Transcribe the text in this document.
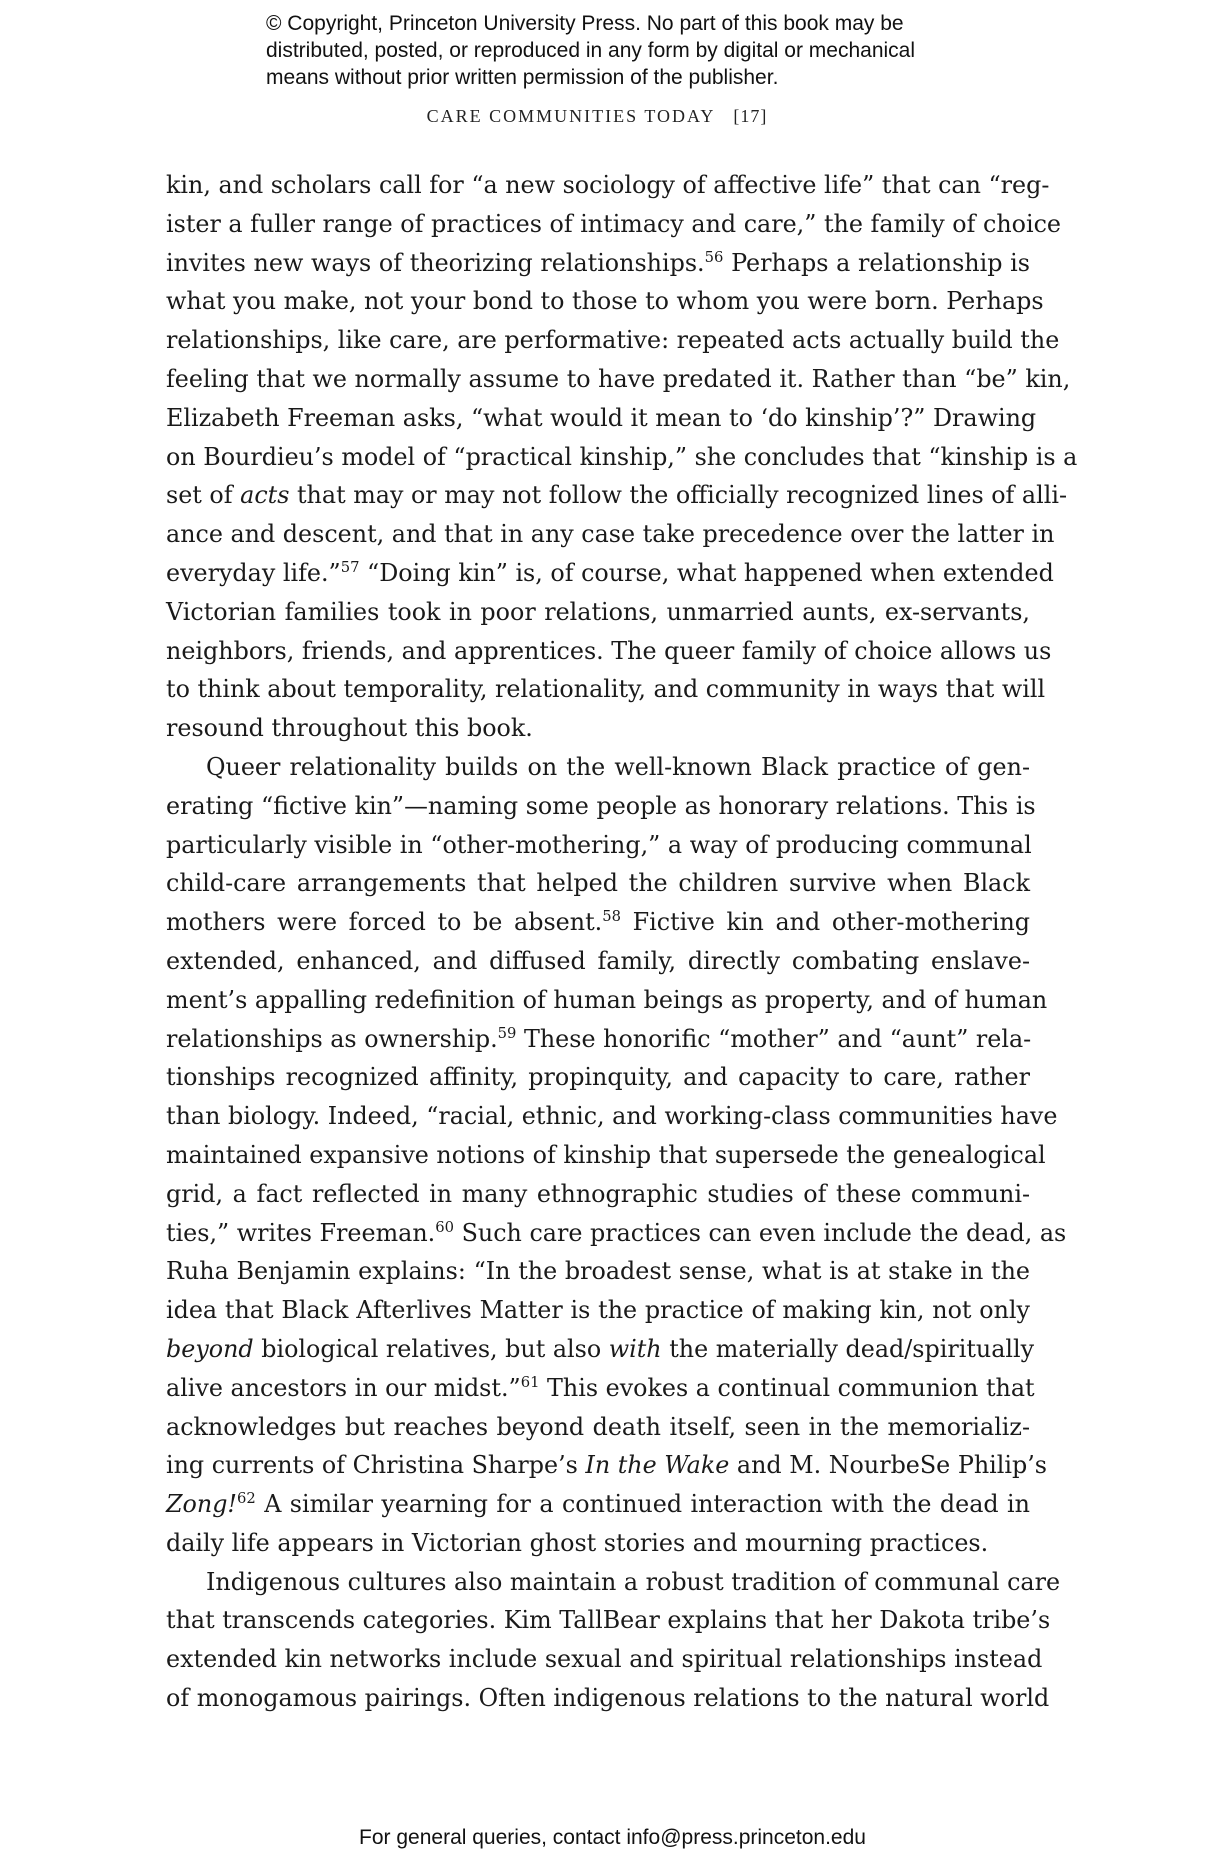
© Copyright, Princeton University Press. No part of this book may be
distributed, posted, or reproduced in any form by digital or mechanical
means without prior written permission of the publisher.
CARE COMMUNITIES TODAY [17]
kin, and scholars call for “a new sociology of affective life” that can “reg-
ister a fuller range of practices of intimacy and care,” the family of choice
invites new ways of theorizing relationships.$^{56}$ Perhaps a relationship is
what you make, not your bond to those to whom you were born. Perhaps
relationships, like care, are performative: repeated acts actually build the
feeling that we normally assume to have predated it. Rather than “be” kin,
Elizabeth Freeman asks, “what would it mean to ‘do kinship’?” Drawing
on Bourdieu’s model of “practical kinship,” she concludes that “kinship is a
set of acts that may or may not follow the officially recognized lines of alli-
ance and descent, and that in any case take precedence over the latter in
everyday life.”$^{57}$ “Doing kin” is, of course, what happened when extended
Victorian families took in poor relations, unmarried aunts, ex-servants,
neighbors, friends, and apprentices. The queer family of choice allows us
to think about temporality, relationality, and community in ways that will
resound throughout this book.
Queer relationality builds on the well-known Black practice of gen-
erating “fictive kin”—naming some people as honorary relations. This is
particularly visible in “other-mothering,” a way of producing communal
child-care arrangements that helped the children survive when Black
mothers were forced to be absent.$^{58}$ Fictive kin and other-mothering
extended, enhanced, and diffused family, directly combating enslave-
ment’s appalling redefinition of human beings as property, and of human
relationships as ownership.$^{59}$ These honorific “mother” and “aunt” rela-
tionships recognized affinity, propinquity, and capacity to care, rather
than biology. Indeed, “racial, ethnic, and working-class communities have
maintained expansive notions of kinship that supersede the genealogical
grid, a fact reflected in many ethnographic studies of these communi-
ties,” writes Freeman.$^{60}$ Such care practices can even include the dead, as
Ruha Benjamin explains: “In the broadest sense, what is at stake in the
idea that Black Afterlives Matter is the practice of making kin, not only
beyond biological relatives, but also with the materially dead/spiritually
alive ancestors in our midst.”$^{61}$ This evokes a continual communion that
acknowledges but reaches beyond death itself, seen in the memorializ-
ing currents of Christina Sharpe’s In the Wake and M. NourbeSe Philip’s
Zong!$^{62}$ A similar yearning for a continued interaction with the dead in
daily life appears in Victorian ghost stories and mourning practices.
Indigenous cultures also maintain a robust tradition of communal care
that transcends categories. Kim TallBear explains that her Dakota tribe’s
extended kin networks include sexual and spiritual relationships instead
of monogamous pairings. Often indigenous relations to the natural world
For general queries, contact info@press.princeton.edu
